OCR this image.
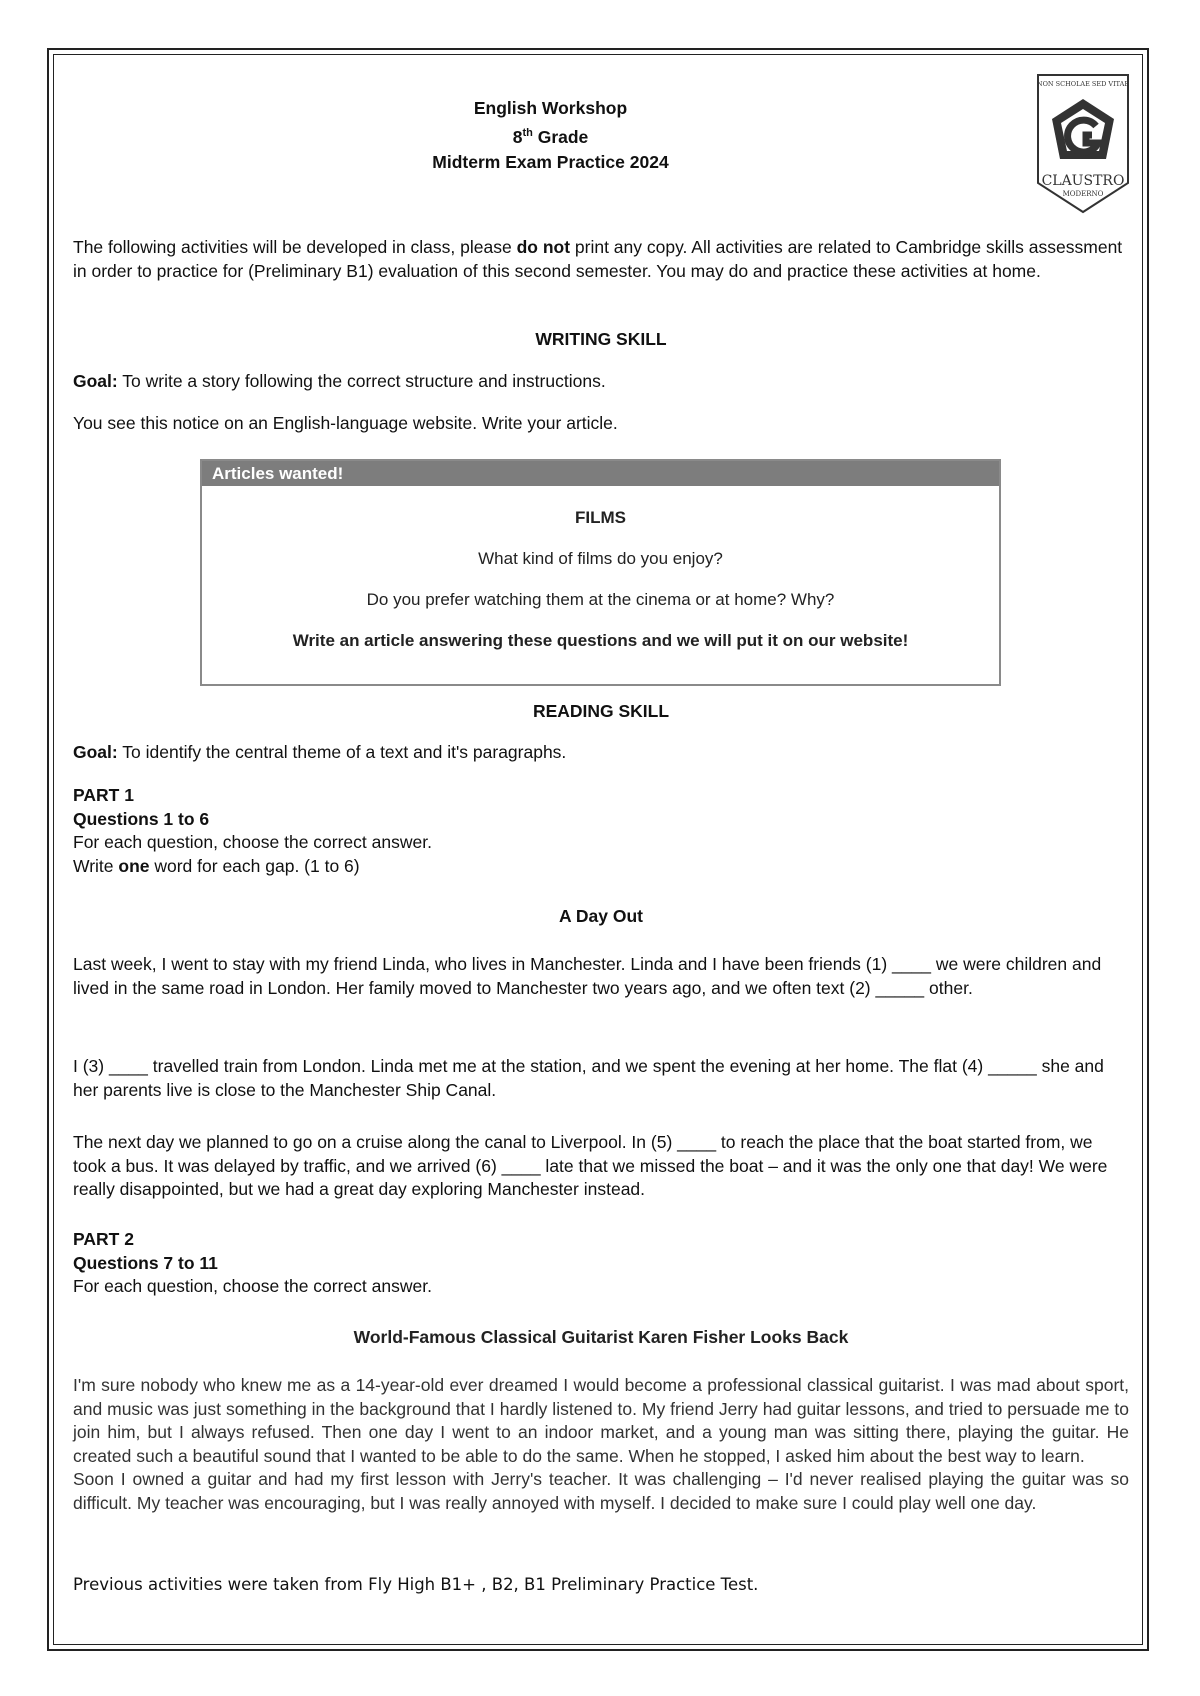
NON SCHOLAE SED VITAE
CLAUSTRO
MODERNO
English Workshop
8th Grade
Midterm Exam Practice 2024
The following activities will be developed in class, please do not print any copy. All activities are related to Cambridge skills assessment in order to practice for (Preliminary B1) evaluation of this second semester. You may do and practice these activities at home.
WRITING SKILL
Goal: To write a story following the correct structure and instructions.
You see this notice on an English-language website. Write your article.
READING SKILL
Goal: To identify the central theme of a text and it's paragraphs.
PART 1
Questions 1 to 6
For each question, choose the correct answer.
Write one word for each gap. (1 to 6)
A Day Out
Last week, I went to stay with my friend Linda, who lives in Manchester. Linda and I have been friends (1) ____ we were children and lived in the same road in London. Her family moved to Manchester two years ago, and we often text (2) _____ other.
I (3) ____ travelled train from London. Linda met me at the station, and we spent the evening at her home. The flat (4) _____ she and her parents live is close to the Manchester Ship Canal.
The next day we planned to go on a cruise along the canal to Liverpool. In (5) ____ to reach the place that the boat started from, we took a bus. It was delayed by traffic, and we arrived (6) ____ late that we missed the boat – and it was the only one that day! We were really disappointed, but we had a great day exploring Manchester instead.
PART 2
Questions 7 to 11
For each question, choose the correct answer.
World-Famous Classical Guitarist Karen Fisher Looks Back
I'm sure nobody who knew me as a 14-year-old ever dreamed I would become a professional classical guitarist. I was mad about sport, and music was just something in the background that I hardly listened to. My friend Jerry had guitar lessons, and tried to persuade me to join him, but I always refused. Then one day I went to an indoor market, and a young man was sitting there, playing the guitar. He created such a beautiful sound that I wanted to be able to do the same. When he stopped, I asked him about the best way to learn.
Soon I owned a guitar and had my first lesson with Jerry's teacher. It was challenging – I'd never realised playing the guitar was so difficult. My teacher was encouraging, but I was really annoyed with myself. I decided to make sure I could play well one day.
Previous activities were taken from Fly High B1+ , B2, B1 Preliminary Practice Test.
Articles wanted!
FILMS
What kind of films do you enjoy?
Do you prefer watching them at the cinema or at home? Why?
Write an article answering these questions and we will put it on our website!
